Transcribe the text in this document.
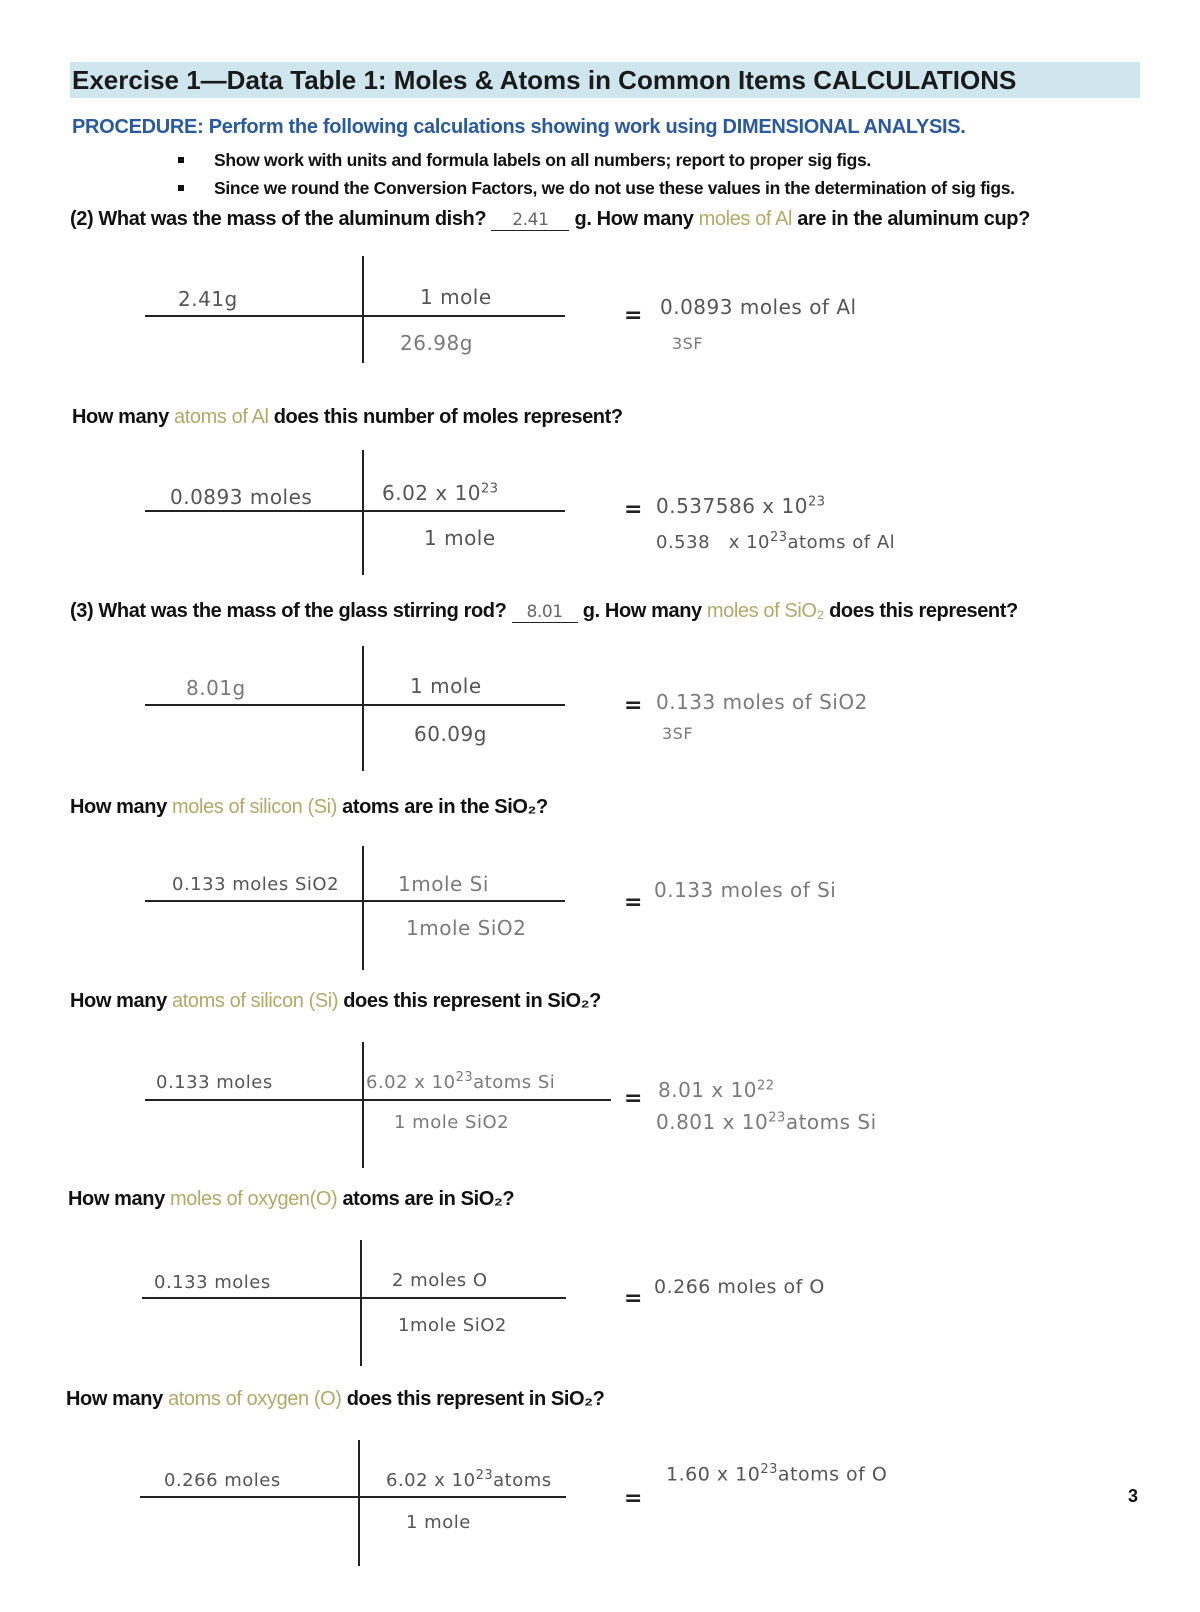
Exercise 1—Data Table 1: Moles & Atoms in Common Items CALCULATIONS
PROCEDURE: Perform the following calculations showing work using DIMENSIONAL ANALYSIS.
Show work with units and formula labels on all numbers; report to proper sig figs.
Since we round the Conversion Factors, we do not use these values in the determination of sig figs.
(2) What was the mass of the aluminum dish? 2.41 g. How many moles of Al are in the aluminum cup?
2.41g	1 mole
26.98g
= 0.0893 moles of Al
3SF
How many atoms of Al does this number of moles represent?
0.0893 moles	6.02 x $10^{23}$
1 mole
= 0.537586 x $10^{23}$
0.538   x $10^{23}atoms$ of Al
(3) What was the mass of the glass stirring rod? 8.01 g. How many moles of SiO₂ does this represent?
8.01g	1 mole
60.09g
= 0.133 moles of SiO2
3SF
How many moles of silicon (Si) atoms are in the SiO₂?
0.133 moles SiO2	1mole Si
1mole SiO2
= 0.133 moles of Si
How many atoms of silicon (Si) does this represent in SiO₂?
0.133 moles	6.02 x $10^{23}atoms$ Si
1 mole SiO2
= 8.01 x $10^{22}$
0.801 x $10^{23}atoms$ Si
How many moles of oxygen(O) atoms are in SiO₂?
0.133 moles	2 moles O
1mole SiO2
= 0.266 moles of O
How many atoms of oxygen (O) does this represent in SiO₂?
0.266 moles	6.02 x $10^{23}atoms$
1 mole
=
1.60 x $10^{23}atoms$ of O
3
